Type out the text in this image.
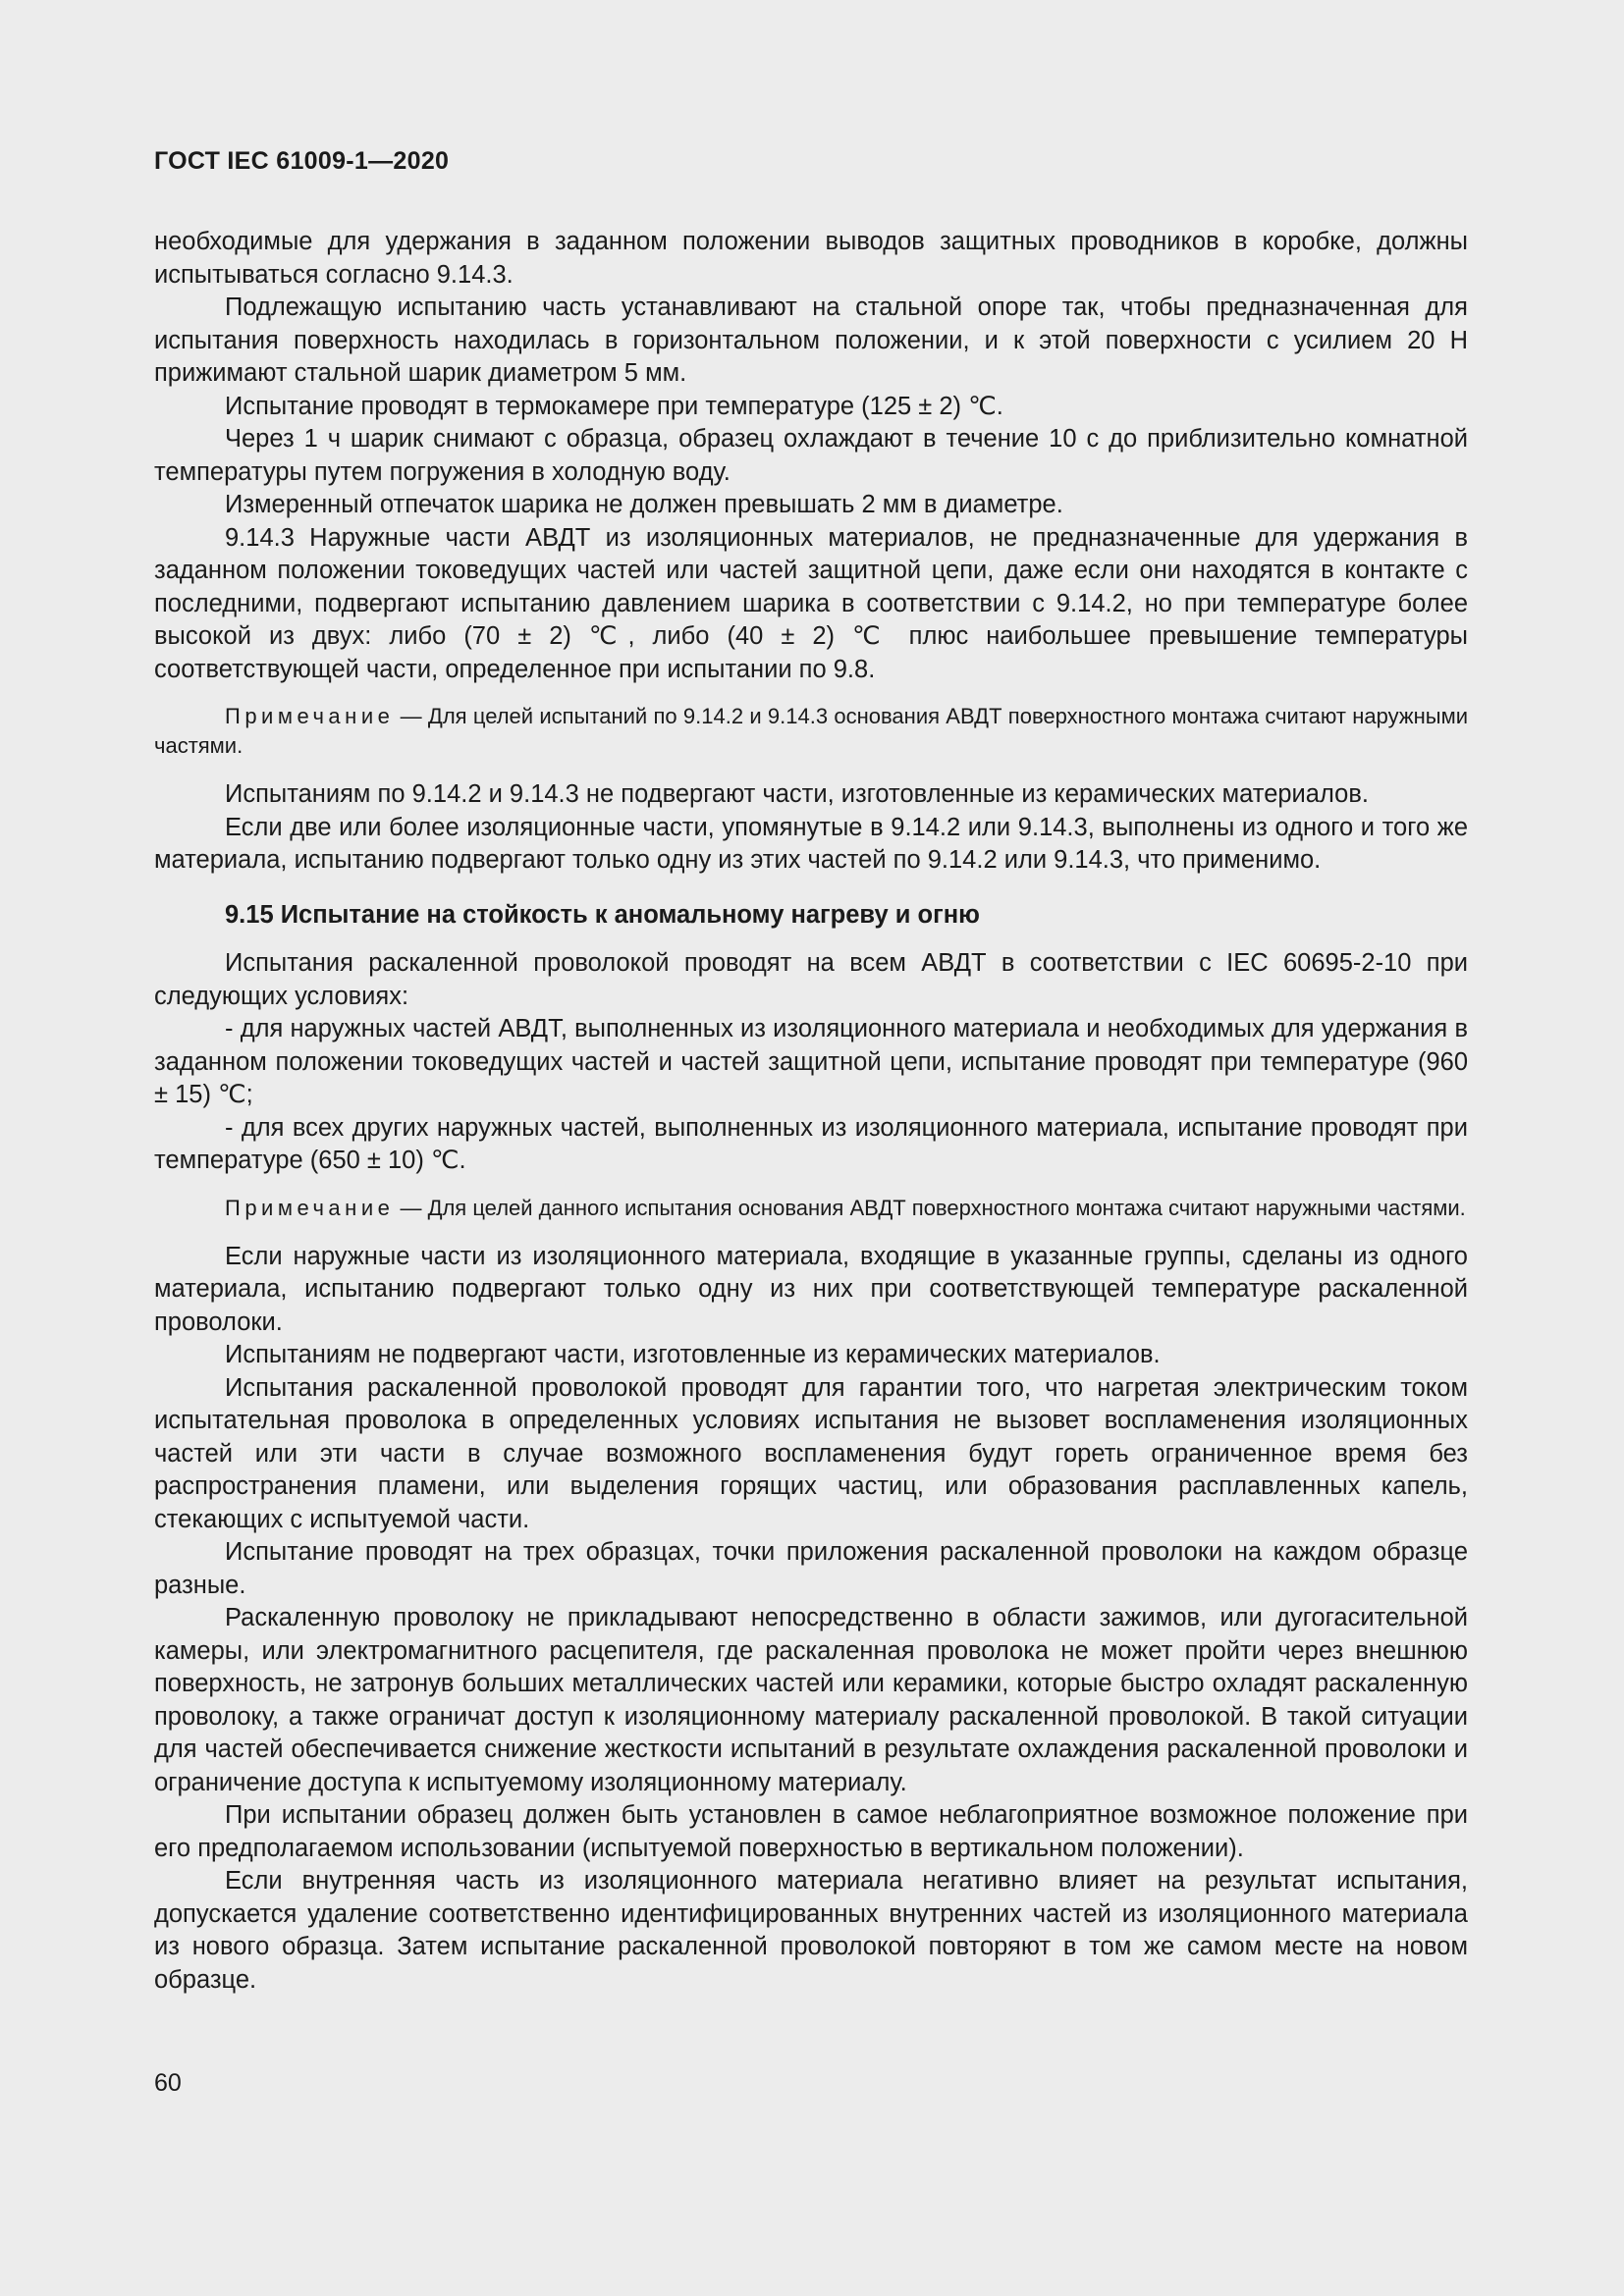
ГОСТ IEC 61009-1—2020

необходимые для удержания в заданном положении выводов защитных проводников в коробке, должны испытываться согласно 9.14.3.

Подлежащую испытанию часть устанавливают на стальной опоре так, чтобы предназначенная для испытания поверхность находилась в горизонтальном положении, и к этой поверхности с усилием 20 Н прижимают стальной шарик диаметром 5 мм.

Испытание проводят в термокамере при температуре (125 ± 2) ℃.

Через 1 ч шарик снимают с образца, образец охлаждают в течение 10 с до приблизительно комнатной температуры путем погружения в холодную воду.

Измеренный отпечаток шарика не должен превышать 2 мм в диаметре.

9.14.3 Наружные части АВДТ из изоляционных материалов, не предназначенные для удержания в заданном положении токоведущих частей или частей защитной цепи, даже если они находятся в контакте с последними, подвергают испытанию давлением шарика в соответствии с 9.14.2, но при температуре более высокой из двух: либо (70 ± 2) ℃, либо (40 ± 2) ℃ плюс наибольшее превышение температуры соответствующей части, определенное при испытании по 9.8.

Примечание — Для целей испытаний по 9.14.2 и 9.14.3 основания АВДТ поверхностного монтажа считают наружными частями.

Испытаниям по 9.14.2 и 9.14.3 не подвергают части, изготовленные из керамических материалов.

Если две или более изоляционные части, упомянутые в 9.14.2 или 9.14.3, выполнены из одного и того же материала, испытанию подвергают только одну из этих частей по 9.14.2 или 9.14.3, что применимо.

9.15 Испытание на стойкость к аномальному нагреву и огню

Испытания раскаленной проволокой проводят на всем АВДТ в соответствии с IEC 60695-2-10 при следующих условиях:

- для наружных частей АВДТ, выполненных из изоляционного материала и необходимых для удержания в заданном положении токоведущих частей и частей защитной цепи, испытание проводят при температуре (960 ± 15) ℃;

- для всех других наружных частей, выполненных из изоляционного материала, испытание проводят при температуре (650 ± 10) ℃.

Примечание — Для целей данного испытания основания АВДТ поверхностного монтажа считают наружными частями.

Если наружные части из изоляционного материала, входящие в указанные группы, сделаны из одного материала, испытанию подвергают только одну из них при соответствующей температуре раскаленной проволоки.

Испытаниям не подвергают части, изготовленные из керамических материалов.

Испытания раскаленной проволокой проводят для гарантии того, что нагретая электрическим током испытательная проволока в определенных условиях испытания не вызовет воспламенения изоляционных частей или эти части в случае возможного воспламенения будут гореть ограниченное время без распространения пламени, или выделения горящих частиц, или образования расплавленных капель, стекающих с испытуемой части.

Испытание проводят на трех образцах, точки приложения раскаленной проволоки на каждом образце разные.

Раскаленную проволоку не прикладывают непосредственно в области зажимов, или дугогасительной камеры, или электромагнитного расцепителя, где раскаленная проволока не может пройти через внешнюю поверхность, не затронув больших металлических частей или керамики, которые быстро охладят раскаленную проволоку, а также ограничат доступ к изоляционному материалу раскаленной проволокой. В такой ситуации для частей обеспечивается снижение жесткости испытаний в результате охлаждения раскаленной проволоки и ограничение доступа к испытуемому изоляционному материалу.

При испытании образец должен быть установлен в самое неблагоприятное возможное положение при его предполагаемом использовании (испытуемой поверхностью в вертикальном положении).

Если внутренняя часть из изоляционного материала негативно влияет на результат испытания, допускается удаление соответственно идентифицированных внутренних частей из изоляционного материала из нового образца. Затем испытание раскаленной проволокой повторяют в том же самом месте на новом образце.

60
